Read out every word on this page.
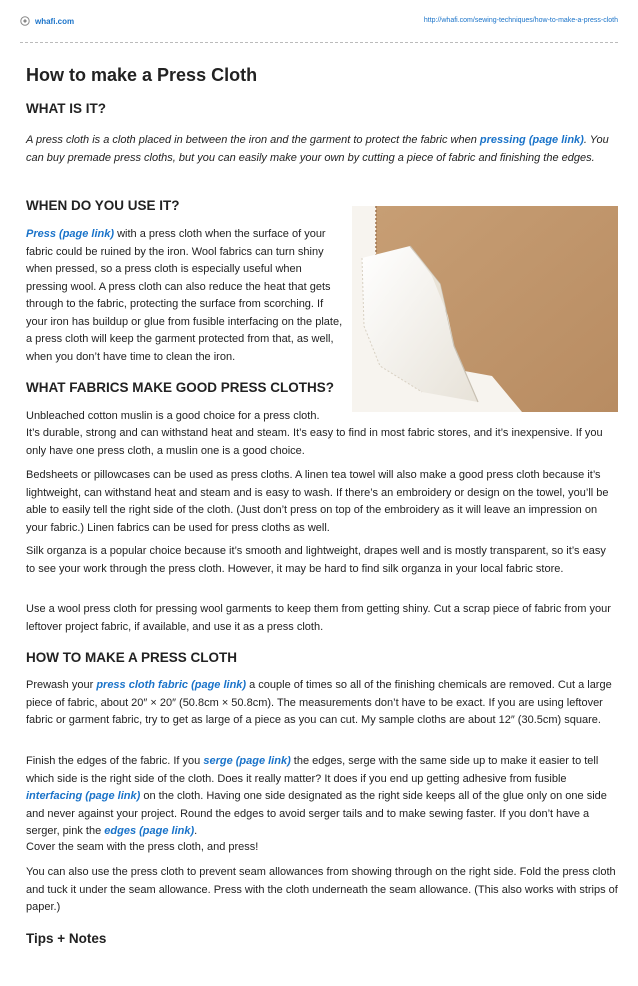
whafi.com	http://whafi.com/sewing-techniques/how-to-make-a-press-cloth
How to make a Press Cloth
WHAT IS IT?

A press cloth is a cloth placed in between the iron and the garment to protect the fabric when pressing (page link). You can buy premade press cloths, but you can easily make your own by cutting a piece of fabric and finishing the edges.

WHEN DO YOU USE IT?

Press (page link) with a press cloth when the surface of your fabric could be ruined by the iron. Wool fabrics can turn shiny when pressed, so a press cloth is especially useful when pressing wool. A press cloth can also reduce the heat that gets through to the fabric, protecting the surface from scorching. If your iron has buildup or glue from fusible interfacing on the plate, a press cloth will keep the garment protected from that, as well, when you don’t have time to clean the iron.

WHAT FABRICS MAKE GOOD PRESS CLOTHS?

Unbleached cotton muslin is a good choice for a press cloth.

It’s durable, strong and can withstand heat and steam. It’s easy to find in most fabric stores, and it’s inexpensive. If you only have one press cloth, a muslin one is a good choice.

Bedsheets or pillowcases can be used as press cloths. A linen tea towel will also make a good press cloth because it’s lightweight, can withstand heat and steam and is easy to wash. If there’s an embroidery or design on the towel, you’ll be able to easily tell the right side of the cloth. (Just don’t press on top of the embroidery as it will leave an impression on your fabric.) Linen fabrics can be used for press cloths as well.

Silk organza is a popular choice because it’s smooth and lightweight, drapes well and is mostly transparent, so it’s easy to see your work through the press cloth. However, it may be hard to find silk organza in your local fabric store.

Use a wool press cloth for pressing wool garments to keep them from getting shiny. Cut a scrap piece of fabric from your leftover project fabric, if available, and use it as a press cloth.

HOW TO MAKE A PRESS CLOTH

Prewash your press cloth fabric (page link) a couple of times so all of the finishing chemicals are removed. Cut a large piece of fabric, about 20″ × 20″ (50.8cm × 50.8cm). The measurements don’t have to be exact. If you are using leftover fabric or garment fabric, try to get as large of a piece as you can cut. My sample cloths are about 12″ (30.5cm) square.

Finish the edges of the fabric. If you serge (page link) the edges, serge with the same side up to make it easier to tell which side is the right side of the cloth. Does it really matter? It does if you end up getting adhesive from fusible interfacing (page link) on the cloth. Having one side designated as the right side keeps all of the glue only on one side and never against your project. Round the edges to avoid serger tails and to make sewing faster. If you don’t have a serger, pink the edges (page link).

Cover the seam with the press cloth, and press!

You can also use the press cloth to prevent seam allowances from showing through on the right side. Fold the press cloth and tuck it under the seam allowance. Press with the cloth underneath the seam allowance. (This also works with strips of paper.)

Tips + Notes
